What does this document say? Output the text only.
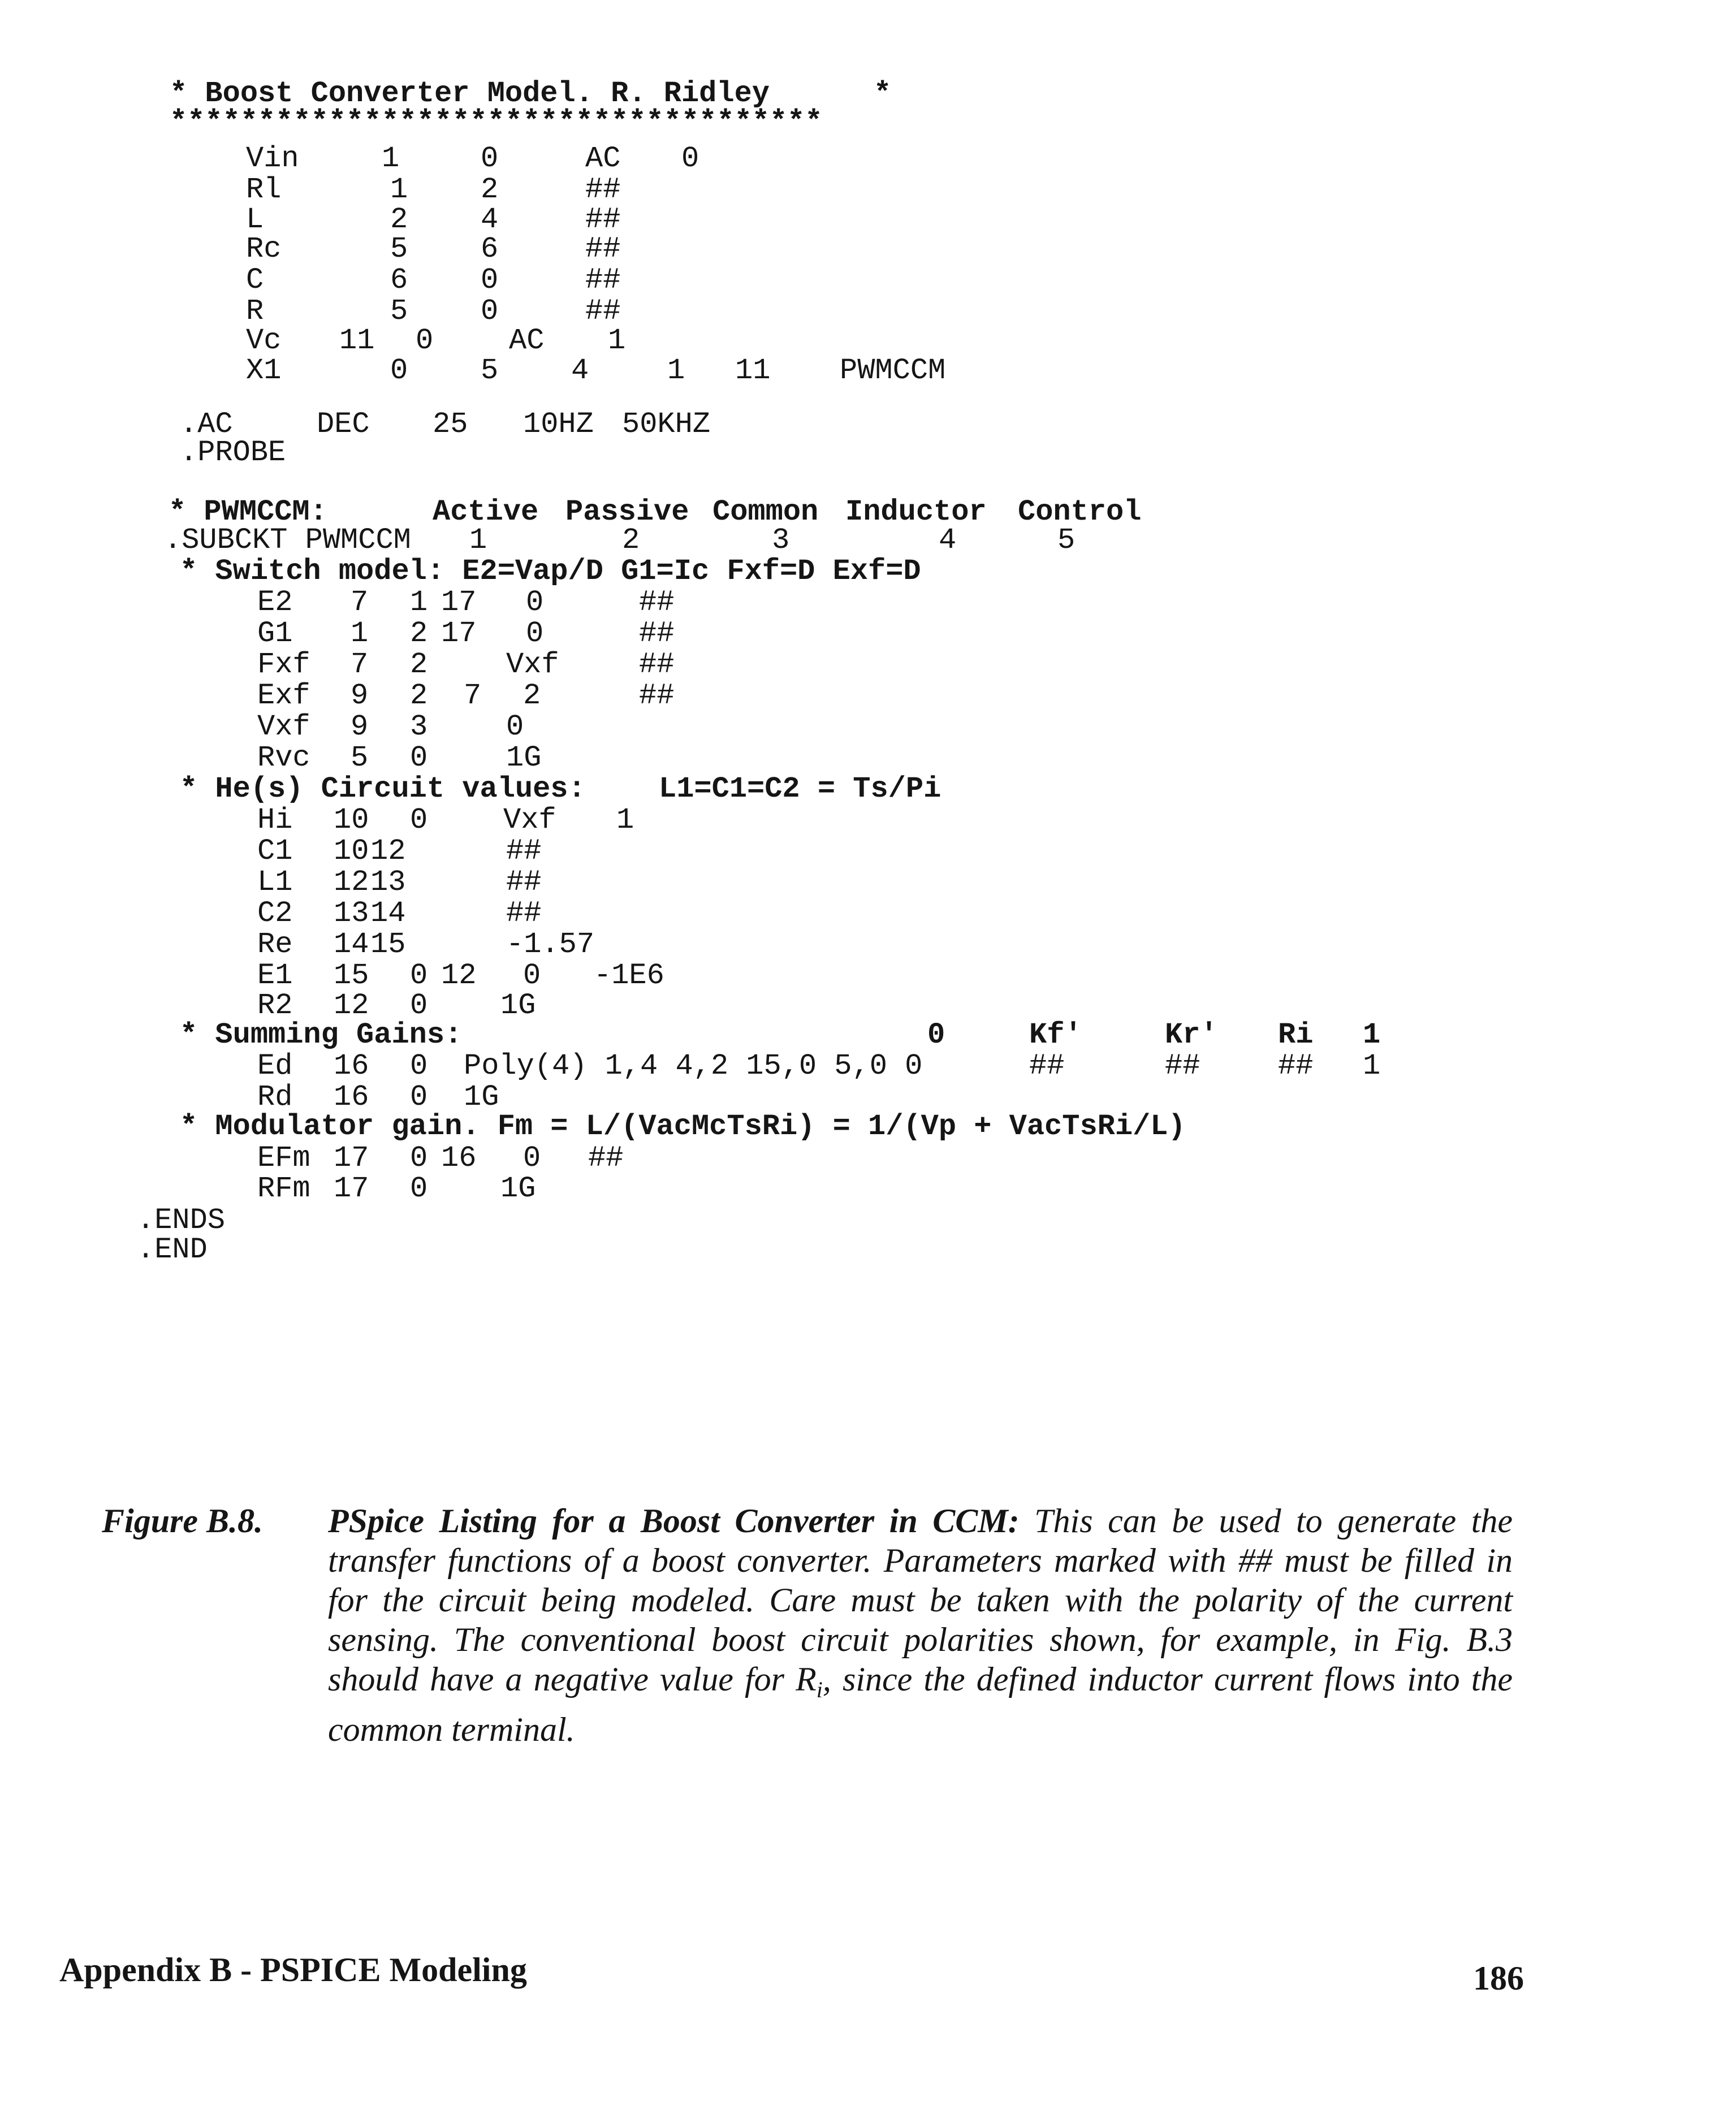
* Boost Converter Model. R. Ridley	*
*************************************
Vin	1	0	AC 0
Rl	1 2	##
L	2 4	##
Rc	5 6	##
C	6 0	##
R	5 0	##
Vc 11 0	AC 1
X1	0 5 4	1 11 PWMCCM
.AC	DEC 25 10HZ 50KHZ
.PROBE
* PWMCCM:	Active Passive Common Inductor Control
.SUBCKT PWMCCM 1	2	3	4	5
* Switch model: E2=Vap/D G1=Ic Fxf=D Exf=D
E2 7 1 17 0	##
G1 1 2 17 0	##
Fxf 7 2	Vxf	##
Exf 9 2 7 2	##
Vxf 9 3	0
Rvc 5 0	1G
* He(s) Circuit values: L1=C1=C2 = Ts/Pi
Hi 10 0	Vxf 1
C1 10 12	##
L1 12 13	##
C2 13 14	##
Re 14 15	-1.57
E1 15 0 12 0 -1E6
R2 12 0 1G
* Summing Gains:	0	Kf'	Kr' Ri 1
Ed 16 0 Poly(4) 1,4 4,2 15,0 5,0 0	##	##	## 1
Rd 16 0 1G
* Modulator gain. Fm = L/(VacMcTsRi) = 1/(Vp + VacTsRi/L)
EFm 17 0 16 0 ##
RFm 17 0 1G
.ENDS
.END
Figure B.8. PSpice Listing for a Boost Converter in CCM: This can be used to generate the transfer functions of a boost converter. Parameters marked with ## must be filled in for the circuit being modeled. Care must be taken with the polarity of the current sensing. The conventional boost circuit polarities shown, for example, in Fig. B.3 should have a negative value for $R_i$, since the defined inductor current flows into the common terminal.
Appendix B - PSPICE Modeling	186
